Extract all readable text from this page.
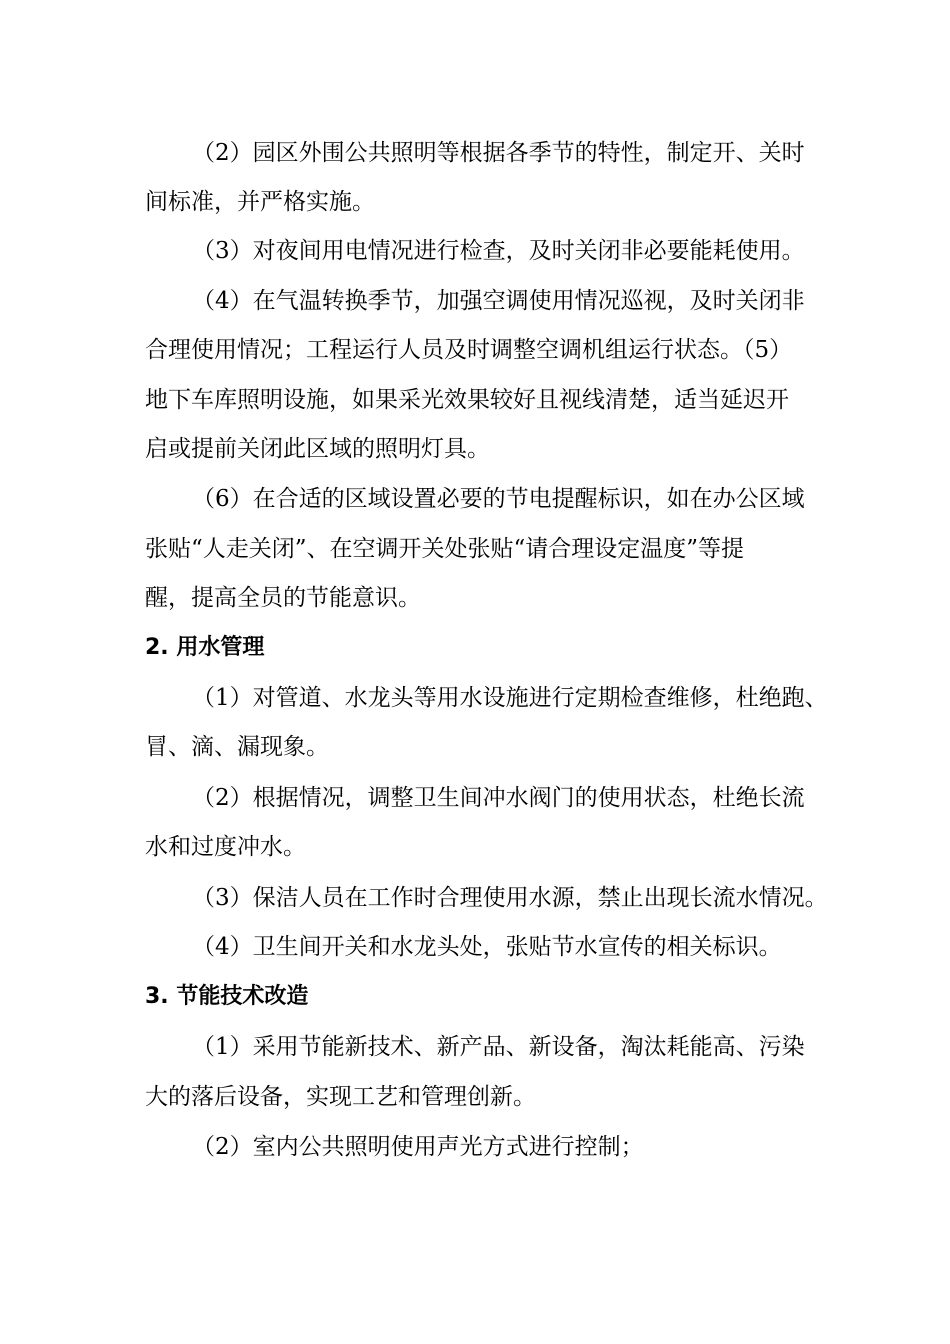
（2）园区外围公共照明等根据各季节的特性，制定开、关时
间标准，并严格实施。
（3）对夜间用电情况进行检查，及时关闭非必要能耗使用。
（4）在气温转换季节，加强空调使用情况巡视，及时关闭非
合理使用情况；工程运行人员及时调整空调机组运行状态。（5）
地下车库照明设施，如果采光效果较好且视线清楚，适当延迟开
启或提前关闭此区域的照明灯具。
（6）在合适的区域设置必要的节电提醒标识，如在办公区域
张贴“人走关闭”、在空调开关处张贴“请合理设定温度”等提
醒，提高全员的节能意识。
2. 用水管理
（1）对管道、水龙头等用水设施进行定期检查维修，杜绝跑、
冒、滴、漏现象。
（2）根据情况，调整卫生间冲水阀门的使用状态，杜绝长流
水和过度冲水。
（3）保洁人员在工作时合理使用水源，禁止出现长流水情况。
（4）卫生间开关和水龙头处，张贴节水宣传的相关标识。
3. 节能技术改造
（1）采用节能新技术、新产品、新设备，淘汰耗能高、污染
大的落后设备，实现工艺和管理创新。
（2）室内公共照明使用声光方式进行控制；
